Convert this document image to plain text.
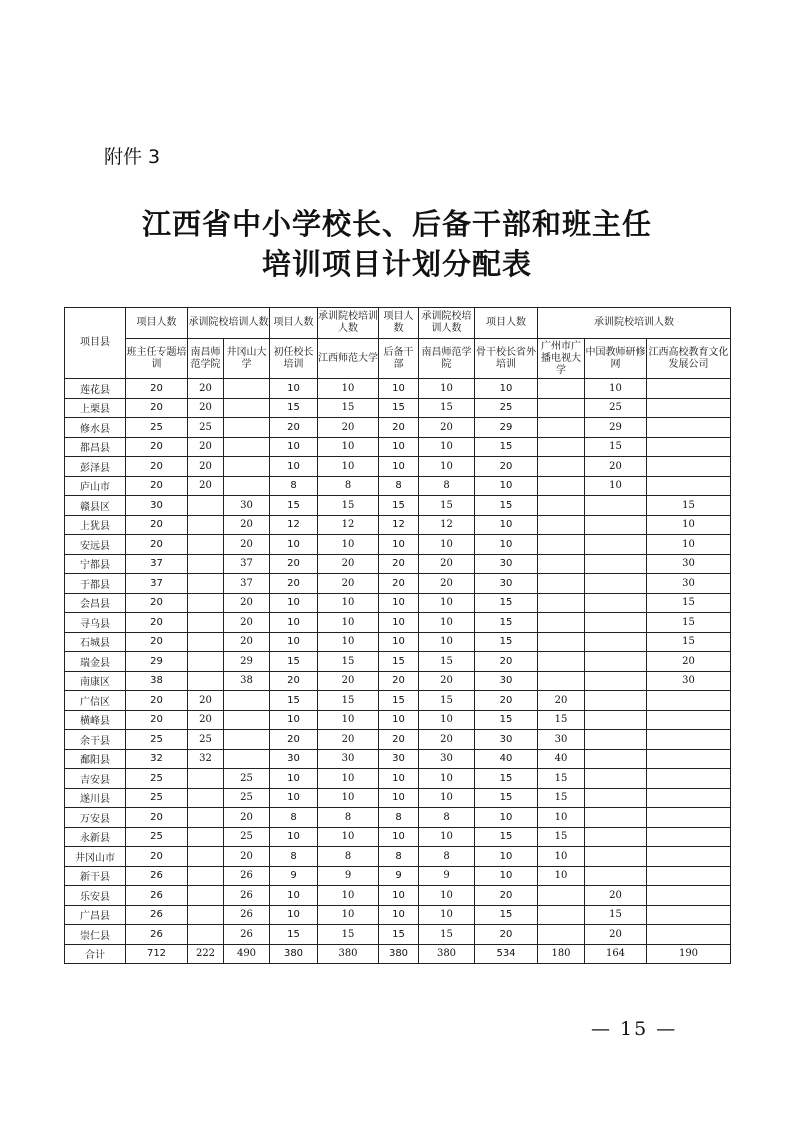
附件 3
江西省中小学校长、后备干部和班主任
培训项目计划分配表
项目县	项目人数	承训院校培训人数		项目人数	承训院校培训人数	项目人数	承训院校培训人数	项目人数	承训院校培训人数		
	班主任专题培训	南昌师范学院	井冈山大学	初任校长培训	江西师范大学	后备干部	南昌师范学院	骨干校长省外培训	广州市广播电视大学	中国教师研修网	江西高校教育文化发展公司
莲花县	20	20		10	10	10	10	10		10	
上栗县	20	20		15	15	15	15	25		25	
修水县	25	25		20	20	20	20	29		29	
都昌县	20	20		10	10	10	10	15		15	
彭泽县	20	20		10	10	10	10	20		20	
庐山市	20	20		8	8	8	8	10		10	
赣县区	30		30	15	15	15	15	15			15
上犹县	20		20	12	12	12	12	10			10
安远县	20		20	10	10	10	10	10			10
宁都县	37		37	20	20	20	20	30			30
于都县	37		37	20	20	20	20	30			30
会昌县	20		20	10	10	10	10	15			15
寻乌县	20		20	10	10	10	10	15			15
石城县	20		20	10	10	10	10	15			15
瑞金县	29		29	15	15	15	15	20			20
南康区	38		38	20	20	20	20	30			30
广信区	20	20		15	15	15	15	20	20		
横峰县	20	20		10	10	10	10	15	15		
余干县	25	25		20	20	20	20	30	30		
鄱阳县	32	32		30	30	30	30	40	40		
吉安县	25		25	10	10	10	10	15	15		
遂川县	25		25	10	10	10	10	15	15		
万安县	20		20	8	8	8	8	10	10		
永新县	25		25	10	10	10	10	15	15		
井冈山市	20		20	8	8	8	8	10	10		
新干县	26		26	9	9	9	9	10	10		
乐安县	26		26	10	10	10	10	20		20	
广昌县	26		26	10	10	10	10	15		15	
崇仁县	26		26	15	15	15	15	20		20	
合计	712	222	490	380	380	380	380	534	180	164	190
— 15 —
